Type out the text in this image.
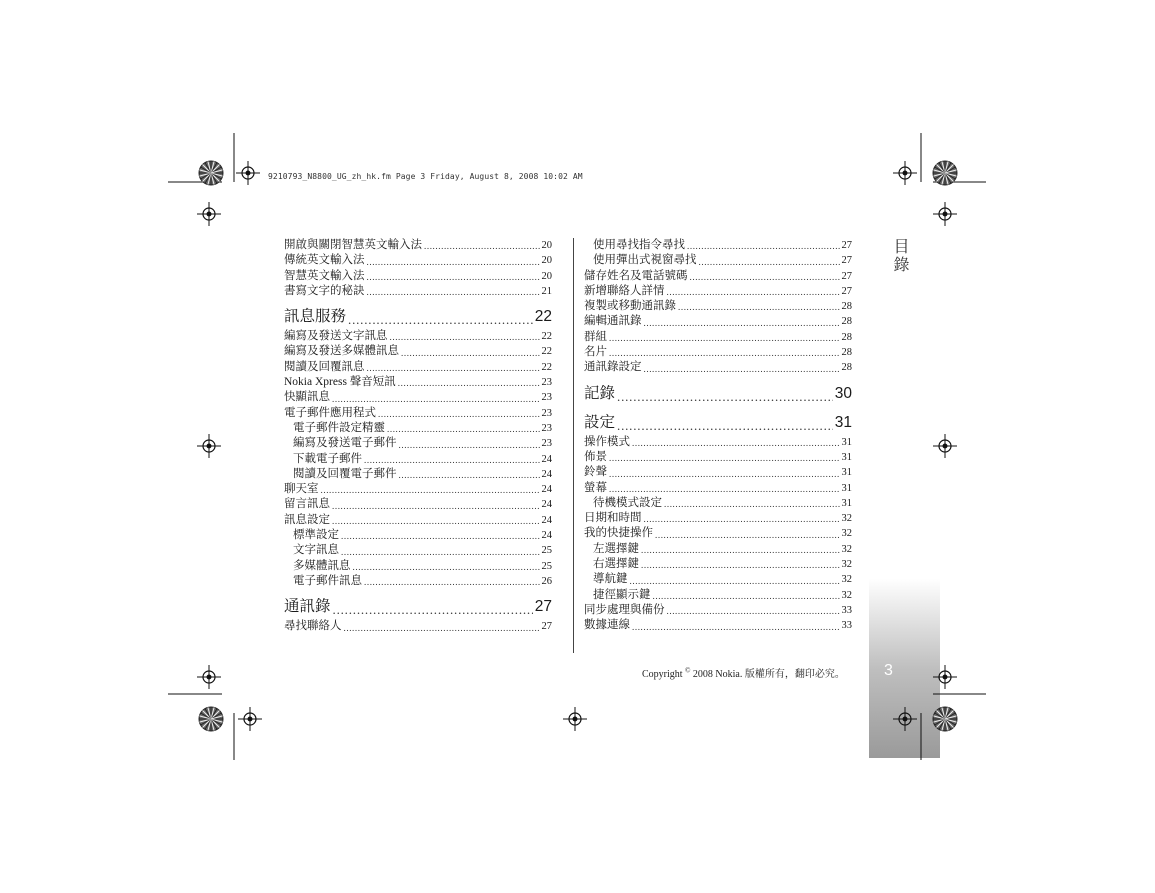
9210793_N8800_UG_zh_hk.fm Page 3 Friday, August 8, 2008 10:02 AM
目錄
3
開啟與關閉智慧英文輸入法 .....	20
傳統英文輸入法 .....	20
智慧英文輸入法 .....	20
書寫文字的秘訣 .....	21
訊息服務 .....	22
編寫及發送文字訊息 .....	22
編寫及發送多媒體訊息 .....	22
閱讀及回覆訊息 .....	22
Nokia Xpress 聲音短訊 .....	23
快顯訊息 .....	23
電子郵件應用程式 .....	23
電子郵件設定精靈 .....	23
編寫及發送電子郵件 .....	23
下載電子郵件 .....	24
閱讀及回覆電子郵件 .....	24
聊天室 .....	24
留言訊息 .....	24
訊息設定 .....	24
標準設定 .....	24
文字訊息 .....	25
多媒體訊息 .....	25
電子郵件訊息 .....	26
通訊錄 .....	27
尋找聯絡人 .....	27
使用尋找指令尋找 .....	27
使用彈出式視窗尋找 .....	27
儲存姓名及電話號碼 .....	27
新增聯絡人詳情 .....	27
複製或移動通訊錄 .....	28
編輯通訊錄 .....	28
群組 .....	28
名片 .....	28
通訊錄設定 .....	28
記錄 .....	30
設定 .....	31
操作模式 .....	31
佈景 .....	31
鈴聲 .....	31
螢幕 .....	31
待機模式設定 .....	31
日期和時間 .....	32
我的快捷操作 .....	32
左選擇鍵 .....	32
右選擇鍵 .....	32
導航鍵 .....	32
捷徑顯示鍵 .....	32
同步處理與備份 .....	33
數據連線 .....	33
Copyright © 2008 Nokia. 版權所有，翻印必究。
